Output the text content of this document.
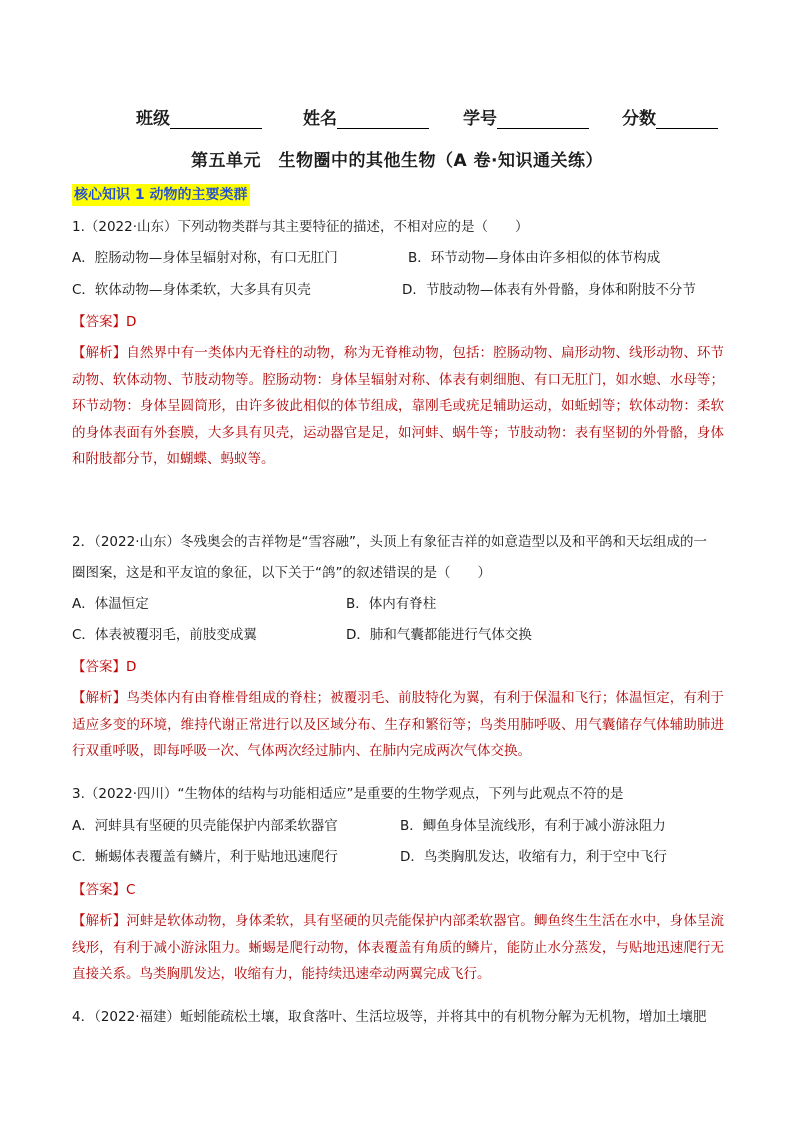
班级	姓名	学号	分数
第五单元　生物圈中的其他生物（A 卷·知识通关练）
核心知识 1 动物的主要类群
1.（2022·山东）下列动物类群与其主要特征的描述，不相对应的是（　　）
A．腔肠动物—身体呈辐射对称，有口无肛门	B．环节动物—身体由许多相似的体节构成
C．软体动物—身体柔软，大多具有贝壳	D．节肢动物—体表有外骨骼，身体和附肢不分节
【答案】D
【解析】自然界中有一类体内无脊柱的动物，称为无脊椎动物，包括：腔肠动物、扁形动物、线形动物、环节动物、软体动物、节肢动物等。腔肠动物：身体呈辐射对称、体表有刺细胞、有口无肛门，如水螅、水母等；环节动物：身体呈圆筒形，由许多彼此相似的体节组成，靠刚毛或疣足辅助运动，如蚯蚓等；软体动物：柔软的身体表面有外套膜，大多具有贝壳，运动器官是足，如河蚌、蜗牛等；节肢动物：表有坚韧的外骨骼，身体和附肢都分节，如蝴蝶、蚂蚁等。
2．（2022·山东）冬残奥会的吉祥物是“雪容融”，头顶上有象征吉祥的如意造型以及和平鸽和天坛组成的一
圈图案，这是和平友谊的象征，以下关于“鸽”的叙述错误的是（　　）
A．体温恒定	B．体内有脊柱
C．体表被覆羽毛，前肢变成翼	D．肺和气囊都能进行气体交换
【答案】D
【解析】鸟类体内有由脊椎骨组成的脊柱；被覆羽毛、前肢特化为翼，有利于保温和飞行；体温恒定，有利于适应多变的环境，维持代谢正常进行以及区域分布、生存和繁衍等；鸟类用肺呼吸、用气囊储存气体辅助肺进行双重呼吸，即每呼吸一次、气体两次经过肺内、在肺内完成两次气体交换。
3.（2022·四川）“生物体的结构与功能相适应”是重要的生物学观点，下列与此观点不符的是
A．河蚌具有坚硬的贝壳能保护内部柔软器官	B．鲫鱼身体呈流线形，有利于减小游泳阻力
C．蜥蜴体表覆盖有鳞片，利于贴地迅速爬行	D．鸟类胸肌发达，收缩有力，利于空中飞行
【答案】C
【解析】河蚌是软体动物，身体柔软，具有坚硬的贝壳能保护内部柔软器官。鲫鱼终生生活在水中，身体呈流线形，有利于减小游泳阻力。蜥蜴是爬行动物，体表覆盖有角质的鳞片，能防止水分蒸发，与贴地迅速爬行无直接关系。鸟类胸肌发达，收缩有力，能持续迅速牵动两翼完成飞行。
4．（2022·福建）蚯蚓能疏松土壤，取食落叶、生活垃圾等，并将其中的有机物分解为无机物，增加土壤肥
